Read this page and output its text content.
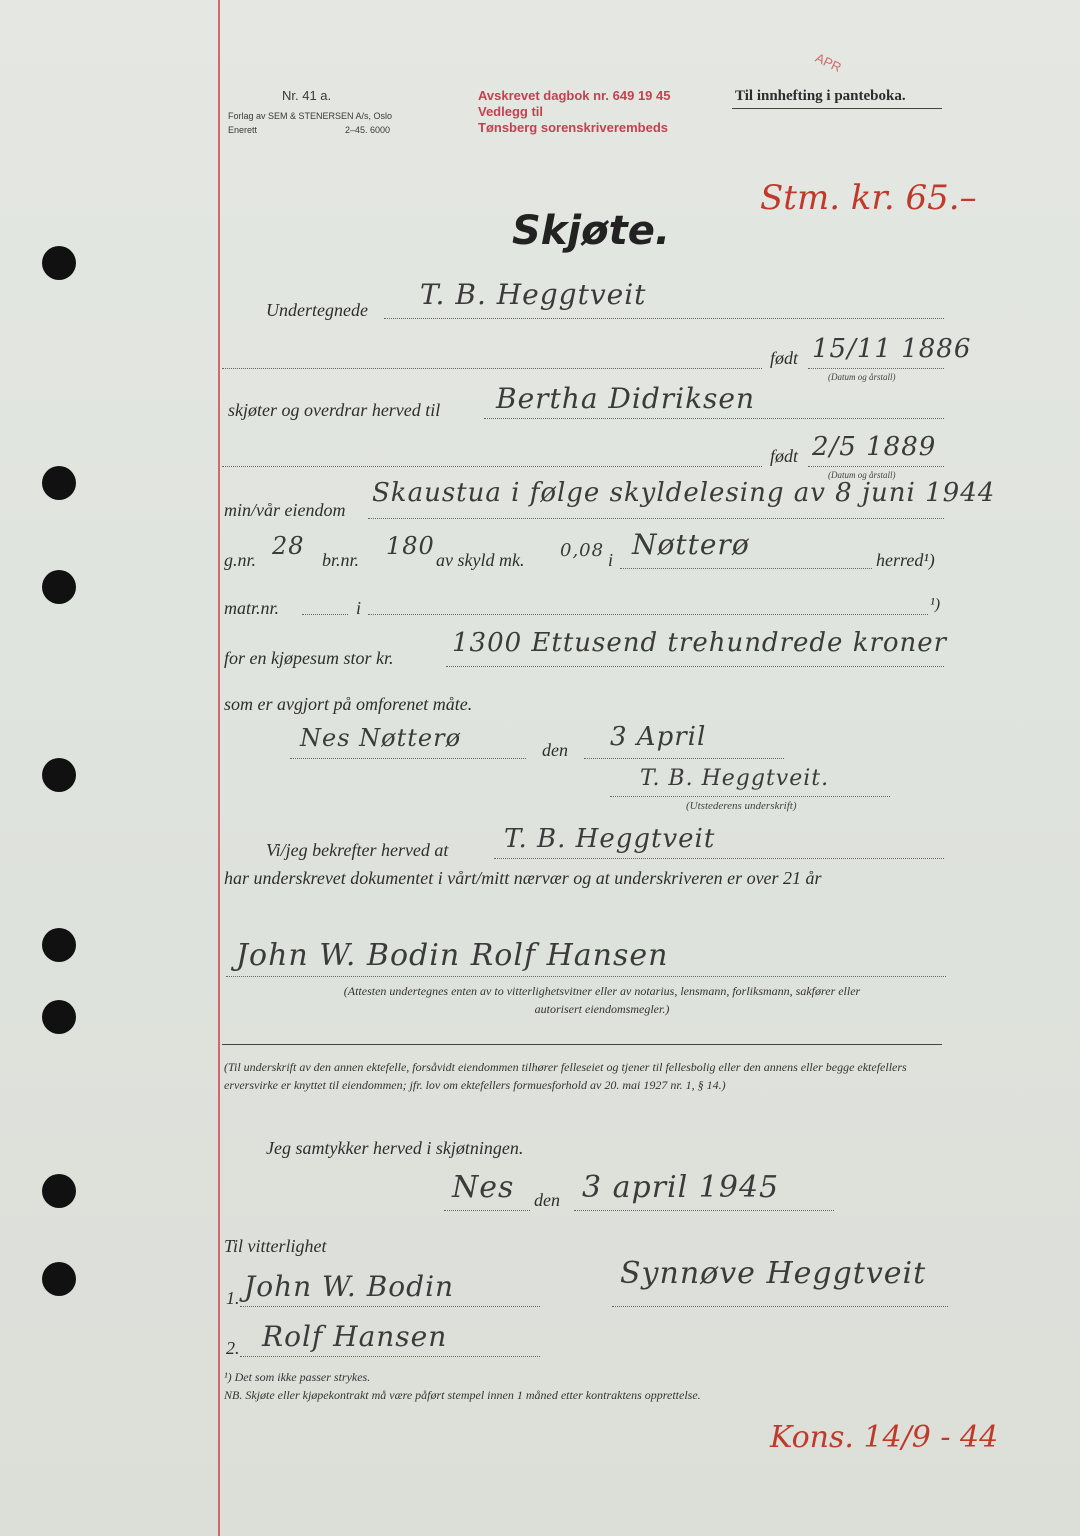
Nr. 41 a.
Forlag av SEM & STENERSEN A/s, Oslo
Enerett	2–45. 6000
Avskrevet dagbok nr. 649 19 45
Vedlegg til
Tønsberg sorenskriverembeds
APR
Til innhefting i panteboka.
Stm. kr. 65.–
Skjøte.
Undertegnede T. B. Heggtveit
født 15/11 1886
(Datum og årstall)
skjøter og overdrar herved til Bertha Didriksen
født 2/5 1889
(Datum og årstall)
min/vår eiendom
Skaustua i følge skyldelesing av 8 juni 1944
g.nr. 28 br.nr. 180 av skyld mk. 0,08 i Nøtterø	herred¹)
matr.nr.	i	¹)
for en kjøpesum stor kr. 1300 Ettusend trehundrede kroner
som er avgjort på omforenet måte.
Nes Nøtterø	den 3 April
T. B. Heggtveit.
(Utstederens underskrift)
Vi/jeg bekrefter herved at T. B. Heggtveit
har underskrevet dokumentet i vårt/mitt nærvær og at underskriveren er over 21 år
John W. Bodin Rolf Hansen
(Attesten undertegnes enten av to vitterlighetsvitner eller av notarius, lensmann, forliksmann, sakfører eller autorisert eiendomsmegler.)
(Til underskrift av den annen ektefelle, forsåvidt eiendommen tilhører felleseiet og tjener til fellesbolig eller den annens eller begge ektefellers erversvirke er knyttet til eiendommen; jfr. lov om ektefellers formuesforhold av 20. mai 1927 nr. 1, § 14.)
Jeg samtykker herved i skjøtningen.
Nes den 3 april 1945
Til vitterlighet
1. John W. Bodin	Synnøve Heggtveit
2. Rolf Hansen
¹) Det som ikke passer strykes.
NB. Skjøte eller kjøpekontrakt må være påført stempel innen 1 måned etter kontraktens opprettelse.
Kons. 14/9 - 44
